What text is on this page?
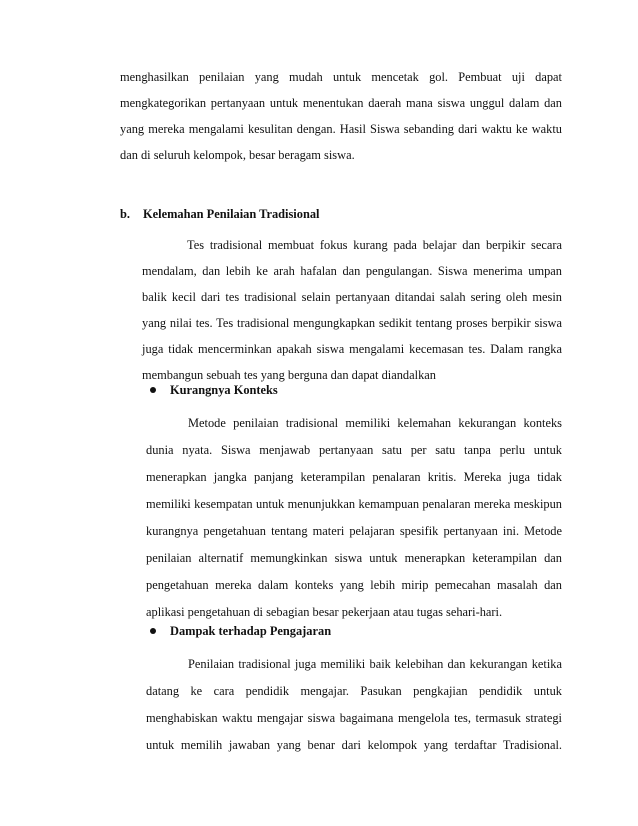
menghasilkan penilaian yang mudah untuk mencetak gol. Pembuat uji dapat mengkategorikan pertanyaan untuk menentukan daerah mana siswa unggul dalam dan yang mereka mengalami kesulitan dengan. Hasil Siswa sebanding dari waktu ke waktu dan di seluruh kelompok, besar beragam siswa.

b. Kelemahan Penilaian Tradisional

Tes tradisional membuat fokus kurang pada belajar dan berpikir secara mendalam, dan lebih ke arah hafalan dan pengulangan. Siswa menerima umpan balik kecil dari tes tradisional selain pertanyaan ditandai salah sering oleh mesin yang nilai tes. Tes tradisional mengungkapkan sedikit tentang proses berpikir siswa juga tidak mencerminkan apakah siswa mengalami kecemasan tes. Dalam rangka membangun sebuah tes yang berguna dan dapat diandalkan

Kurangnya Konteks

Metode penilaian tradisional memiliki kelemahan kekurangan konteks dunia nyata. Siswa menjawab pertanyaan satu per satu tanpa perlu untuk menerapkan jangka panjang keterampilan penalaran kritis. Mereka juga tidak memiliki kesempatan untuk menunjukkan kemampuan penalaran mereka meskipun kurangnya pengetahuan tentang materi pelajaran spesifik pertanyaan ini. Metode penilaian alternatif memungkinkan siswa untuk menerapkan keterampilan dan pengetahuan mereka dalam konteks yang lebih mirip pemecahan masalah dan aplikasi pengetahuan di sebagian besar pekerjaan atau tugas sehari-hari.

Dampak terhadap Pengajaran

Penilaian tradisional juga memiliki baik kelebihan dan kekurangan ketika datang ke cara pendidik mengajar. Pasukan pengkajian pendidik untuk menghabiskan waktu mengajar siswa bagaimana mengelola tes, termasuk strategi untuk memilih jawaban yang benar dari kelompok yang terdaftar Tradisional.
